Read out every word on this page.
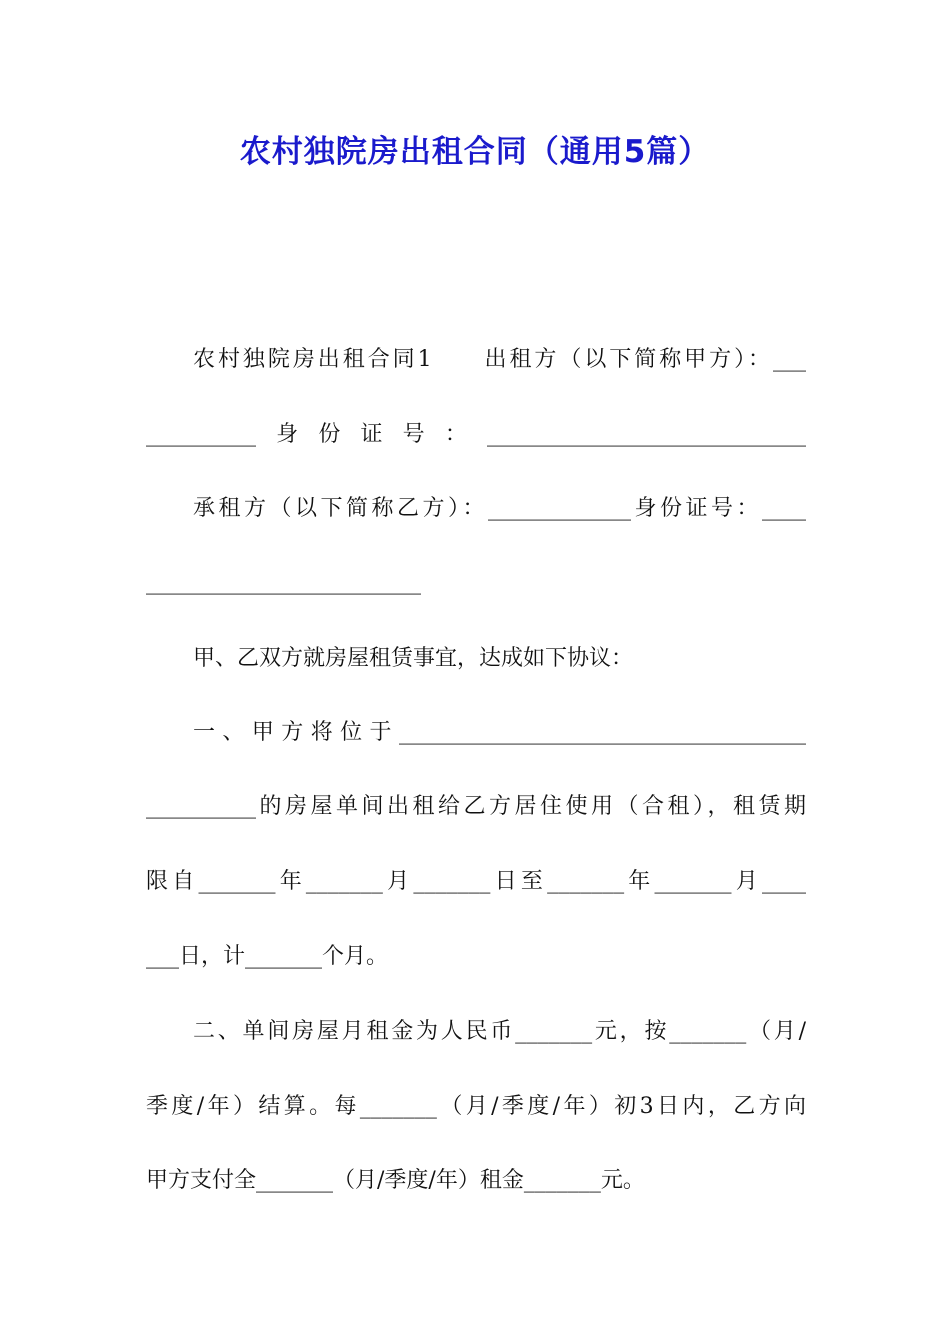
农村独院房出租合同（通用5篇）
农村独院房出租合同1　　出租方（以下简称甲方）：___
__________身份证号：_____________________________
承租方（以下简称乙方）：_____________身份证号：____
_________________________
甲、乙双方就房屋租赁事宜，达成如下协议：
一、甲方将位于_____________________________________
__________的房屋单间出租给乙方居住使用（合租），租赁期
限自_______年_______月_______日至_______年_______月____
___日，计_______个月。
二、单间房屋月租金为人民币_______元，按_______（月/
季度/年）结算。每_______（月/季度/年）初3日内，乙方向
甲方支付全_______（月/季度/年）租金_______元。
